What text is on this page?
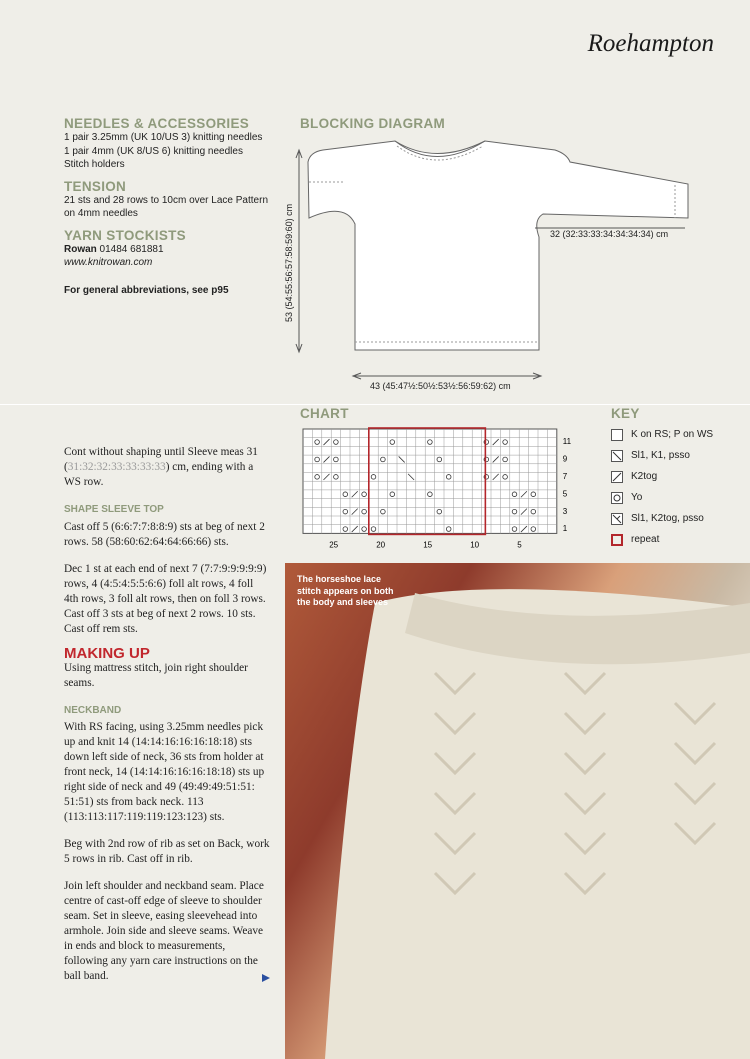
Roehampton
NEEDLES & ACCESSORIES
1 pair 3.25mm (UK 10/US 3) knitting needles
1 pair 4mm (UK 8/US 6) knitting needles
Stitch holders
TENSION
21 sts and 28 rows to 10cm over Lace Pattern
on 4mm needles
YARN STOCKISTS
Rowan 01484 681881
www.knitrowan.com
For general abbreviations, see p95
BLOCKING DIAGRAM
53 (54:55:56:57:58:59:60) cm	32 (32:33:33:34:34:34:34) cm
43 (45:47½:50½:53½:56:59:62) cm
CHART
11
9
7
5
3
1
25	20	15	10	5
KEY
K on RS; P on WS
Sl1, K1, psso
K2tog
Yo
Sl1, K2tog, psso
repeat
Cont without shaping until Sleeve meas 31 (31:32:32:33:33:33:33) cm, ending with a WS row.
SHAPE SLEEVE TOP
Cast off 5 (6:6:7:7:8:8:9) sts at beg of next 2 rows. 58 (58:60:62:64:64:66:66) sts.
Dec 1 st at each end of next 7 (7:7:9:9:9:9:9) rows, 4 (4:5:4:5:5:6:6) foll alt rows, 4 foll 4th rows, 3 foll alt rows, then on foll 3 rows. Cast off 3 sts at beg of next 2 rows. 10 sts. Cast off rem sts.
MAKING UP
Using mattress stitch, join right shoulder seams.
NECKBAND
With RS facing, using 3.25mm needles pick up and knit 14 (14:14:16:16:16:18:18) sts down left side of neck, 36 sts from holder at front neck, 14 (14:14:16:16:16:18:18) sts up right side of neck and 49 (49:49:49:51:51: 51:51) sts from back neck. 113 (113:113:117:119:119:123:123) sts.
Beg with 2nd row of rib as set on Back, work 5 rows in rib. Cast off in rib.
Join left shoulder and neckband seam. Place centre of cast-off edge of sleeve to shoulder seam. Set in sleeve, easing sleevehead into armhole. Join side and sleeve seams. Weave in ends and block to measurements, following any yarn care instructions on the ball band.
The horseshoe lace stitch appears on both the body and sleeves
